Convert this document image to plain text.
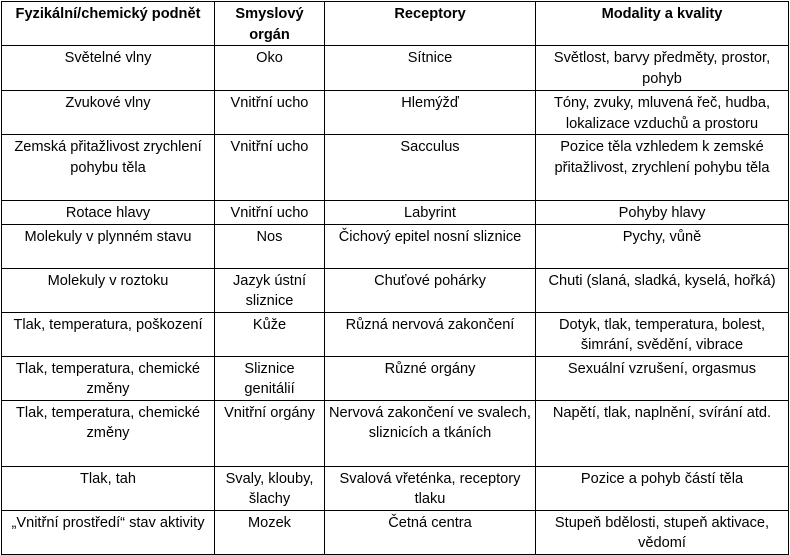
Fyzikální/chemický podnět	Smyslový orgán	Receptory	Modality a kvality
Světelné vlny	Oko	Sítnice	Světlost, barvy předměty, prostor, pohyb
Zvukové vlny	Vnitřní ucho	Hlemýžď	Tóny, zvuky, mluvená řeč, hudba, lokalizace vzduchů a prostoru
Zemská přitažlivost zrychlení pohybu těla	Vnitřní ucho	Sacculus	Pozice těla vzhledem k zemské přitažlivost, zrychlení pohybu těla
Rotace hlavy	Vnitřní ucho	Labyrint	Pohyby hlavy
Molekuly v plynném stavu	Nos	Čichový epitel nosní sliznice	Pychy, vůně
Molekuly v roztoku	Jazyk ústní sliznice	Chuťové pohárky	Chuti (slaná, sladká, kyselá, hořká)
Tlak, temperatura, poškození	Kůže	Různá nervová zakončení	Dotyk, tlak, temperatura, bolest, šimrání, svědění, vibrace
Tlak, temperatura, chemické změny	Sliznice genitálií	Různé orgány	Sexuální vzrušení, orgasmus
Tlak, temperatura, chemické změny	Vnitřní orgány	Nervová zakončení ve svalech, sliznicích a tkáních	Napětí, tlak, naplnění, svírání atd.
Tlak, tah	Svaly, klouby, šlachy	Svalová vřeténka, receptory tlaku	Pozice a pohyb částí těla
„Vnitřní prostředí“ stav aktivity	Mozek	Četná centra	Stupeň bdělosti, stupeň aktivace, vědomí
